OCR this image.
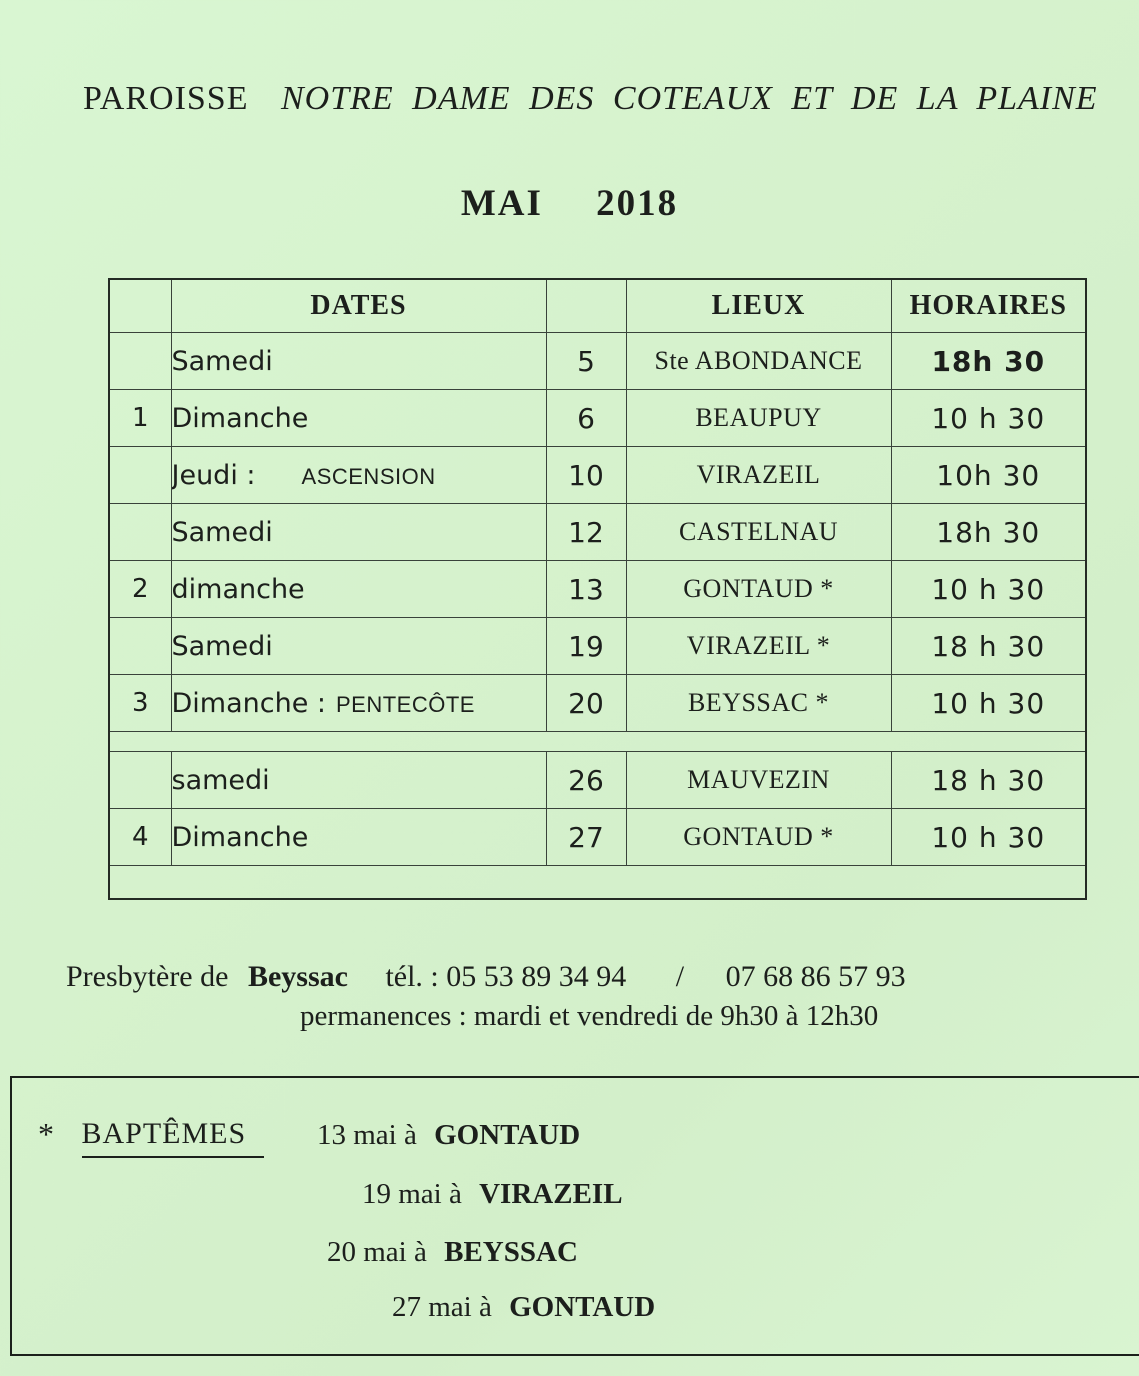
PAROISSE NOTRE DAME DES COTEAUX ET DE LA PLAINE
MAI 2018
	DATES		LIEUX	HORAIRES
	Samedi	5	Ste ABONDANCE	18h 30
1	Dimanche	6	BEAUPUY	10 h 30
	Jeudi : ASCENSION	10	VIRAZEIL	10h 30
	Samedi	12	CASTELNAU	18h 30
2	dimanche	13	GONTAUD *	10 h 30
	Samedi	19	VIRAZEIL *	18 h 30
3	Dimanche : PENTECÔTE	20	BEYSSAC *	10 h 30

	samedi	26	MAUVEZIN	18 h 30
4	Dimanche	27	GONTAUD *	10 h 30

Presbytère de Beyssac tél. : 05 53 89 34 94 / 07 68 86 57 93
permanences : mardi et vendredi de 9h30 à 12h30
* BAPTÊMES	13 mai à GONTAUD
19 mai à VIRAZEIL
20 mai à BEYSSAC
27 mai à GONTAUD
